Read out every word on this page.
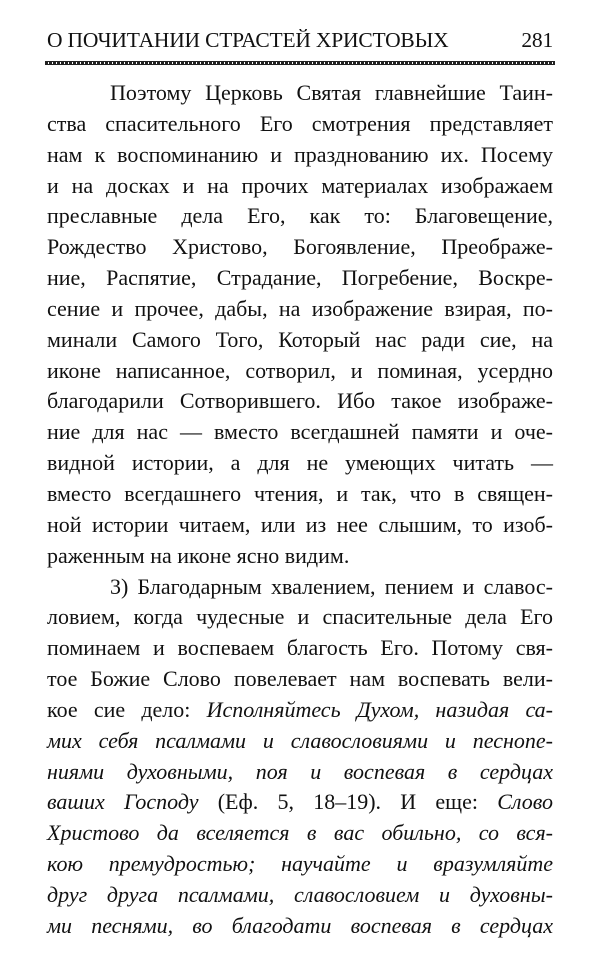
О ПОЧИТАНИИ СТРАСТЕЙ ХРИСТОВЫХ	281
Поэтому Церковь Святая главнейшие Таин-
ства спасительного Его смотрения представляет
нам к воспоминанию и празднованию их. Посему
и на досках и на прочих материалах изображаем
преславные дела Его, как то: Благовещение,
Рождество Христово, Богоявление, Преображе-
ние, Распятие, Страдание, Погребение, Воскре-
сение и прочее, дабы, на изображение взирая, по-
минали Самого Того, Который нас ради сие, на
иконе написанное, сотворил, и поминая, усердно
благодарили Сотворившего. Ибо такое изображе-
ние для нас — вместо всегдашней памяти и оче-
видной истории, а для не умеющих читать —
вместо всегдашнего чтения, и так, что в священ-
ной истории читаем, или из нее слышим, то изоб-
раженным на иконе ясно видим.
3) Благодарным хвалением, пением и славос-
ловием, когда чудесные и спасительные дела Его
поминаем и воспеваем благость Его. Потому свя-
тое Божие Слово повелевает нам воспевать вели-
кое сие дело: Исполняйтесь Духом, назидая са-
мих себя псалмами и славословиями и песнопе-
ниями духовными, поя и воспевая в сердцах
ваших Господу (Еф. 5, 18–19). И еще: Слово
Христово да вселяется в вас обильно, со вся-
кою премудростью; научайте и вразумляйте
друг друга псалмами, славословием и духовны-
ми песнями, во благодати воспевая в сердцах
